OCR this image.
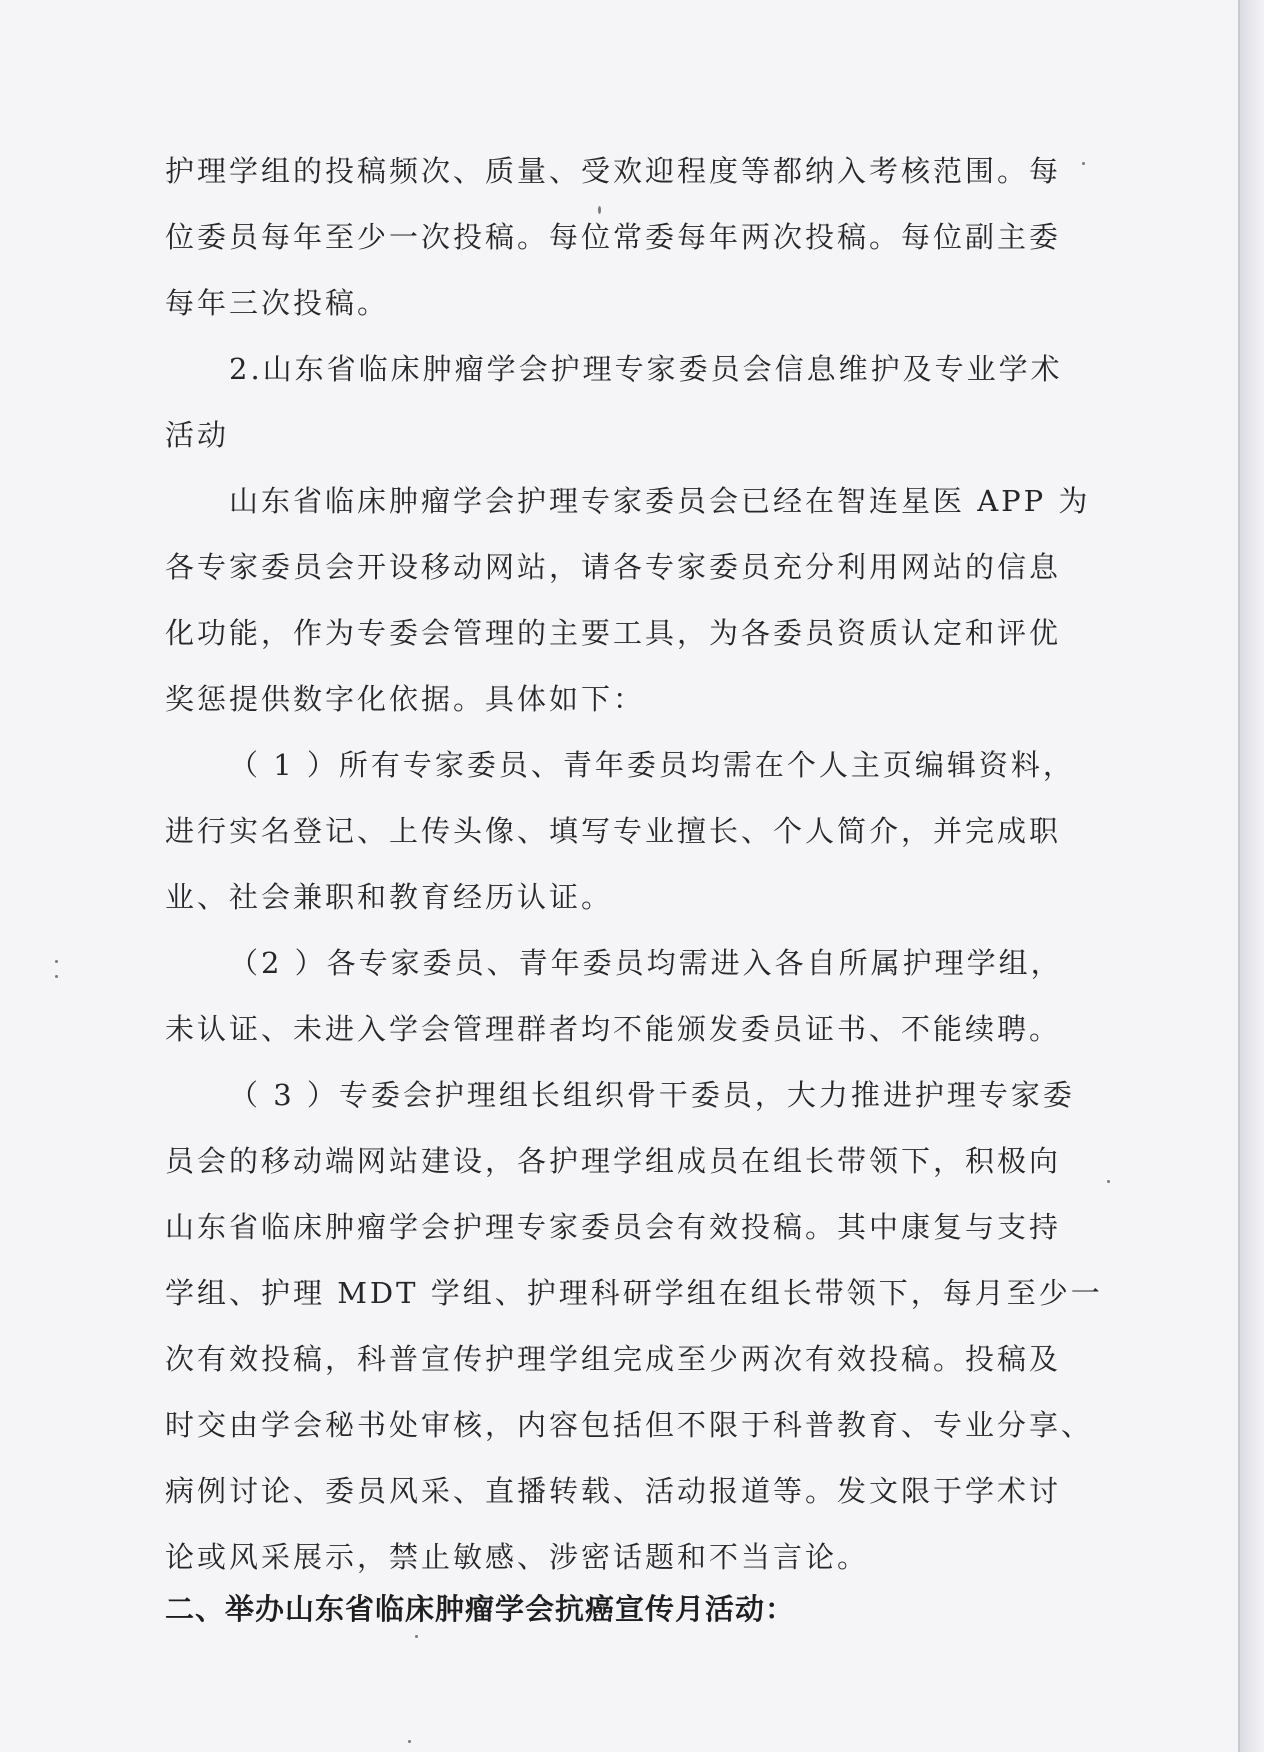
护理学组的投稿频次、质量、受欢迎程度等都纳入考核范围。每
位委员每年至少一次投稿。每位常委每年两次投稿。每位副主委
每年三次投稿。
2.山东省临床肿瘤学会护理专家委员会信息维护及专业学术
活动
山东省临床肿瘤学会护理专家委员会已经在智连星医 APP 为
各专家委员会开设移动网站，请各专家委员充分利用网站的信息
化功能，作为专委会管理的主要工具，为各委员资质认定和评优
奖惩提供数字化依据。具体如下：
（ 1 ）所有专家委员、青年委员均需在个人主页编辑资料，
进行实名登记、上传头像、填写专业擅长、个人简介，并完成职
业、社会兼职和教育经历认证。
（2 ）各专家委员、青年委员均需进入各自所属护理学组，
未认证、未进入学会管理群者均不能颁发委员证书、不能续聘。
（ 3 ）专委会护理组长组织骨干委员，大力推进护理专家委
员会的移动端网站建设，各护理学组成员在组长带领下，积极向
山东省临床肿瘤学会护理专家委员会有效投稿。其中康复与支持
学组、护理 MDT 学组、护理科研学组在组长带领下，每月至少一
次有效投稿，科普宣传护理学组完成至少两次有效投稿。投稿及
时交由学会秘书处审核，内容包括但不限于科普教育、专业分享、
病例讨论、委员风采、直播转载、活动报道等。发文限于学术讨
论或风采展示，禁止敏感、涉密话题和不当言论。
二、举办山东省临床肿瘤学会抗癌宣传月活动：
